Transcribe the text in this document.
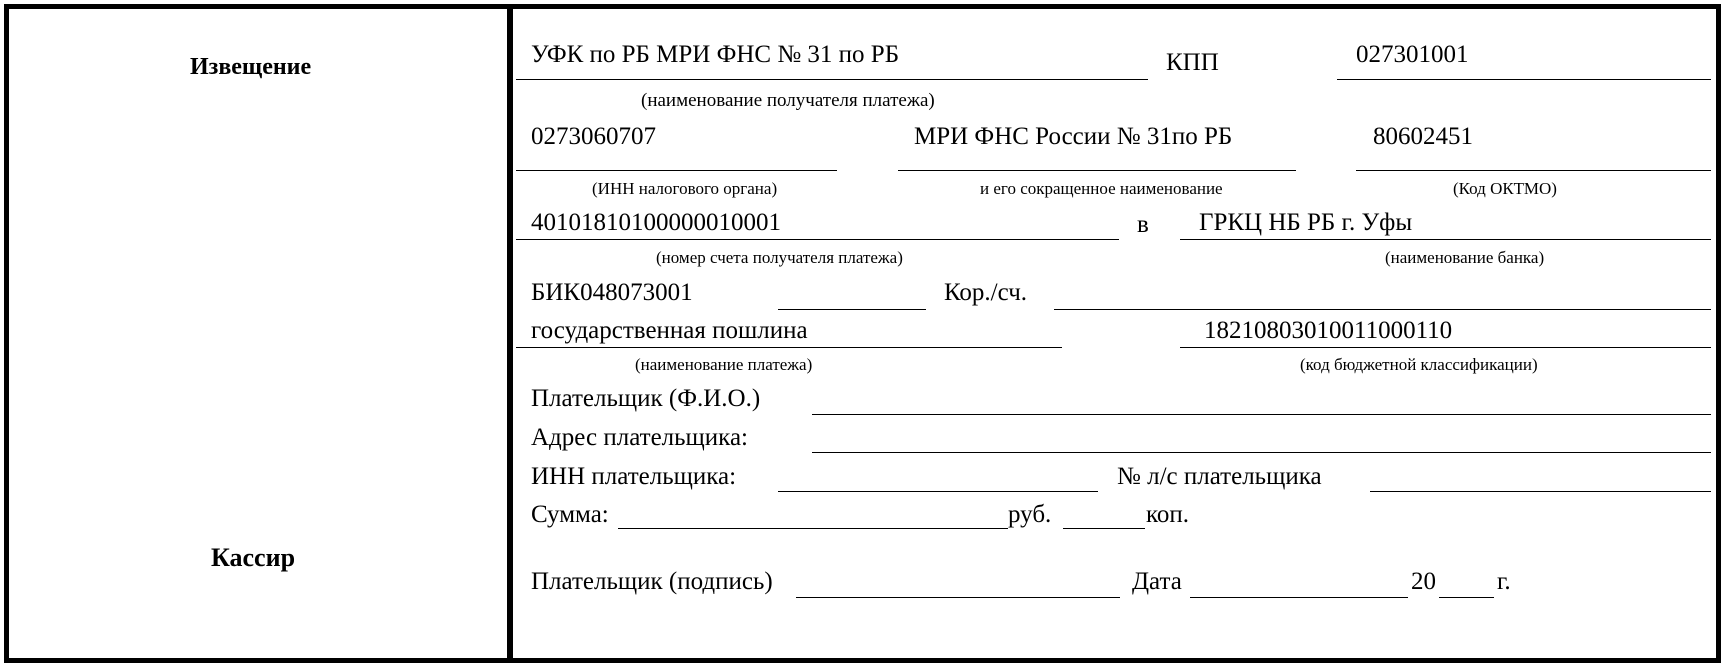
Извещение
Кассир
УФК по РБ МРИ ФНС № 31 по РБ	КПП	027301001
(наименование получателя платежа)
0273060707	МРИ ФНС России № 31по РБ	80602451
(ИНН налогового органа)	и его сокращенное наименование	(Код ОКТМО)
40101810100000010001	в ГРКЦ НБ РБ г. Уфы
(номер счета получателя платежа)	(наименование банка)
БИК048073001	Кор./сч.
государственная пошлина	18210803010011000110
(наименование платежа)	(код бюджетной классификации)
Плательщик (Ф.И.О.)
Адрес плательщика:
ИНН плательщика:	№ л/с плательщика
Сумма:	руб.	коп.
Плательщик (подпись)	Дата	20 г.
